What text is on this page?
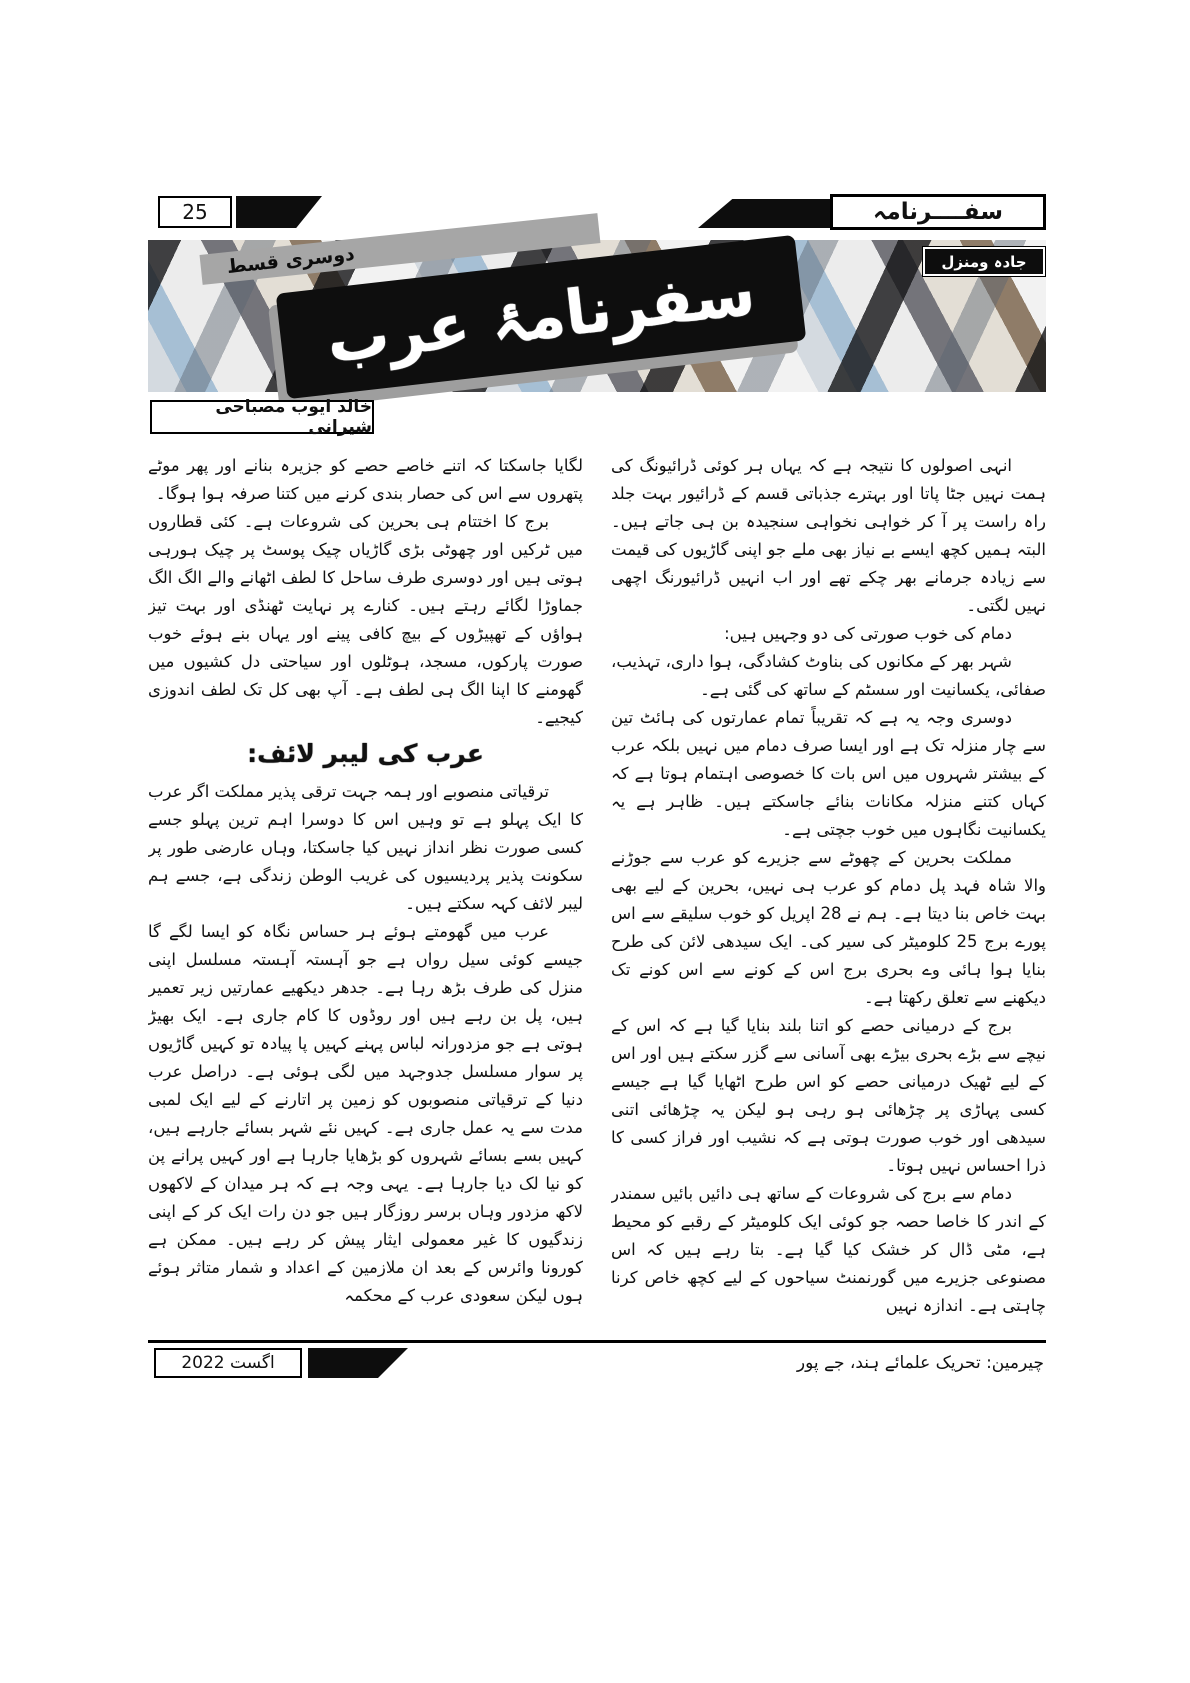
25	سفــــرنامہ
جادہ ومنزل
دوسری قسط
سفرنامۂ عرب
خالد ایوب مصباحی شیرانی

انہی اصولوں کا نتیجہ ہے کہ یہاں ہر کوئی ڈرائیونگ کی ہمت نہیں جٹا پاتا اور بہترے جذباتی قسم کے ڈرائیور بہت جلد راہ راست پر آ کر خواہی نخواہی سنجیدہ بن ہی جاتے ہیں۔ البتہ ہمیں کچھ ایسے بے نیاز بھی ملے جو اپنی گاڑیوں کی قیمت سے زیادہ جرمانے بھر چکے تھے اور اب انہیں ڈرائیورنگ اچھی نہیں لگتی۔

دمام کی خوب صورتی کی دو وجہیں ہیں:

شہر بھر کے مکانوں کی بناوٹ کشادگی، ہوا داری، تہذیب، صفائی، یکسانیت اور سسٹم کے ساتھ کی گئی ہے۔

دوسری وجہ یہ ہے کہ تقریباً تمام عمارتوں کی ہائٹ تین سے چار منزلہ تک ہے اور ایسا صرف دمام میں نہیں بلکہ عرب کے بیشتر شہروں میں اس بات کا خصوصی اہتمام ہوتا ہے کہ کہاں کتنے منزلہ مکانات بنائے جاسکتے ہیں۔ ظاہر ہے یہ یکسانیت نگاہوں میں خوب جچتی ہے۔

مملکت بحرین کے چھوٹے سے جزیرے کو عرب سے جوڑنے والا شاہ فہد پل دمام کو عرب ہی نہیں، بحرین کے لیے بھی بہت خاص بنا دیتا ہے۔ ہم نے 28 اپریل کو خوب سلیقے سے اس پورے برج 25 کلومیٹر کی سیر کی۔ ایک سیدھی لائن کی طرح بنایا ہوا ہائی وے بحری برج اس کے کونے سے اس کونے تک دیکھنے سے تعلق رکھتا ہے۔

برج کے درمیانی حصے کو اتنا بلند بنایا گیا ہے کہ اس کے نیچے سے بڑے بحری بیڑے بھی آسانی سے گزر سکتے ہیں اور اس کے لیے ٹھیک درمیانی حصے کو اس طرح اٹھایا گیا ہے جیسے کسی پہاڑی پر چڑھائی ہو رہی ہو لیکن یہ چڑھائی اتنی سیدھی اور خوب صورت ہوتی ہے کہ نشیب اور فراز کسی کا ذرا احساس نہیں ہوتا۔

دمام سے برج کی شروعات کے ساتھ ہی دائیں بائیں سمندر کے اندر کا خاصا حصہ جو کوئی ایک کلومیٹر کے رقبے کو محیط ہے، مٹی ڈال کر خشک کیا گیا ہے۔ بتا رہے ہیں کہ اس مصنوعی جزیرے میں گورنمنٹ سیاحوں کے لیے کچھ خاص کرنا چاہتی ہے۔ اندازہ نہیں

لگایا جاسکتا کہ اتنے خاصے حصے کو جزیرہ بنانے اور پھر موٹے پتھروں سے اس کی حصار بندی کرنے میں کتنا صرفہ ہوا ہوگا۔

برج کا اختتام ہی بحرین کی شروعات ہے۔ کئی قطاروں میں ٹرکیں اور چھوٹی بڑی گاڑیاں چیک پوسٹ پر چیک ہورہی ہوتی ہیں اور دوسری طرف ساحل کا لطف اٹھانے والے الگ الگ جماوڑا لگائے رہتے ہیں۔ کنارے پر نہایت ٹھنڈی اور بہت تیز ہواؤں کے تھپیڑوں کے بیچ کافی پینے اور یہاں بنے ہوئے خوب صورت پارکوں، مسجد، ہوٹلوں اور سیاحتی دل کشیوں میں گھومنے کا اپنا الگ ہی لطف ہے۔ آپ بھی کل تک لطف اندوزی کیجیے۔

عرب کی لیبر لائف:

ترقیاتی منصوبے اور ہمہ جہت ترقی پذیر مملکت اگر عرب کا ایک پہلو ہے تو وہیں اس کا دوسرا اہم ترین پہلو جسے کسی صورت نظر انداز نہیں کیا جاسکتا، وہاں عارضی طور پر سکونت پذیر پردیسیوں کی غریب الوطن زندگی ہے، جسے ہم لیبر لائف کہہ سکتے ہیں۔

عرب میں گھومتے ہوئے ہر حساس نگاہ کو ایسا لگے گا جیسے کوئی سیل رواں ہے جو آہستہ آہستہ مسلسل اپنی منزل کی طرف بڑھ رہا ہے۔ جدھر دیکھیے عمارتیں زیر تعمیر ہیں، پل بن رہے ہیں اور روڈوں کا کام جاری ہے۔ ایک بھیڑ ہوتی ہے جو مزدورانہ لباس پہنے کہیں پا پیادہ تو کہیں گاڑیوں پر سوار مسلسل جدوجہد میں لگی ہوئی ہے۔ دراصل عرب دنیا کے ترقیاتی منصوبوں کو زمین پر اتارنے کے لیے ایک لمبی مدت سے یہ عمل جاری ہے۔ کہیں نئے شہر بسائے جارہے ہیں، کہیں بسے بسائے شہروں کو بڑھایا جارہا ہے اور کہیں پرانے پن کو نیا لک دیا جارہا ہے۔ یہی وجہ ہے کہ ہر میدان کے لاکھوں لاکھ مزدور وہاں برسر روزگار ہیں جو دن رات ایک کر کے اپنی زندگیوں کا غیر معمولی ایثار پیش کر رہے ہیں۔ ممکن ہے کورونا وائرس کے بعد ان ملازمین کے اعداد و شمار متاثر ہوئے ہوں لیکن سعودی عرب کے محکمہ

اگست 2022	چیرمین: تحریک علمائے ہند، جے پور
